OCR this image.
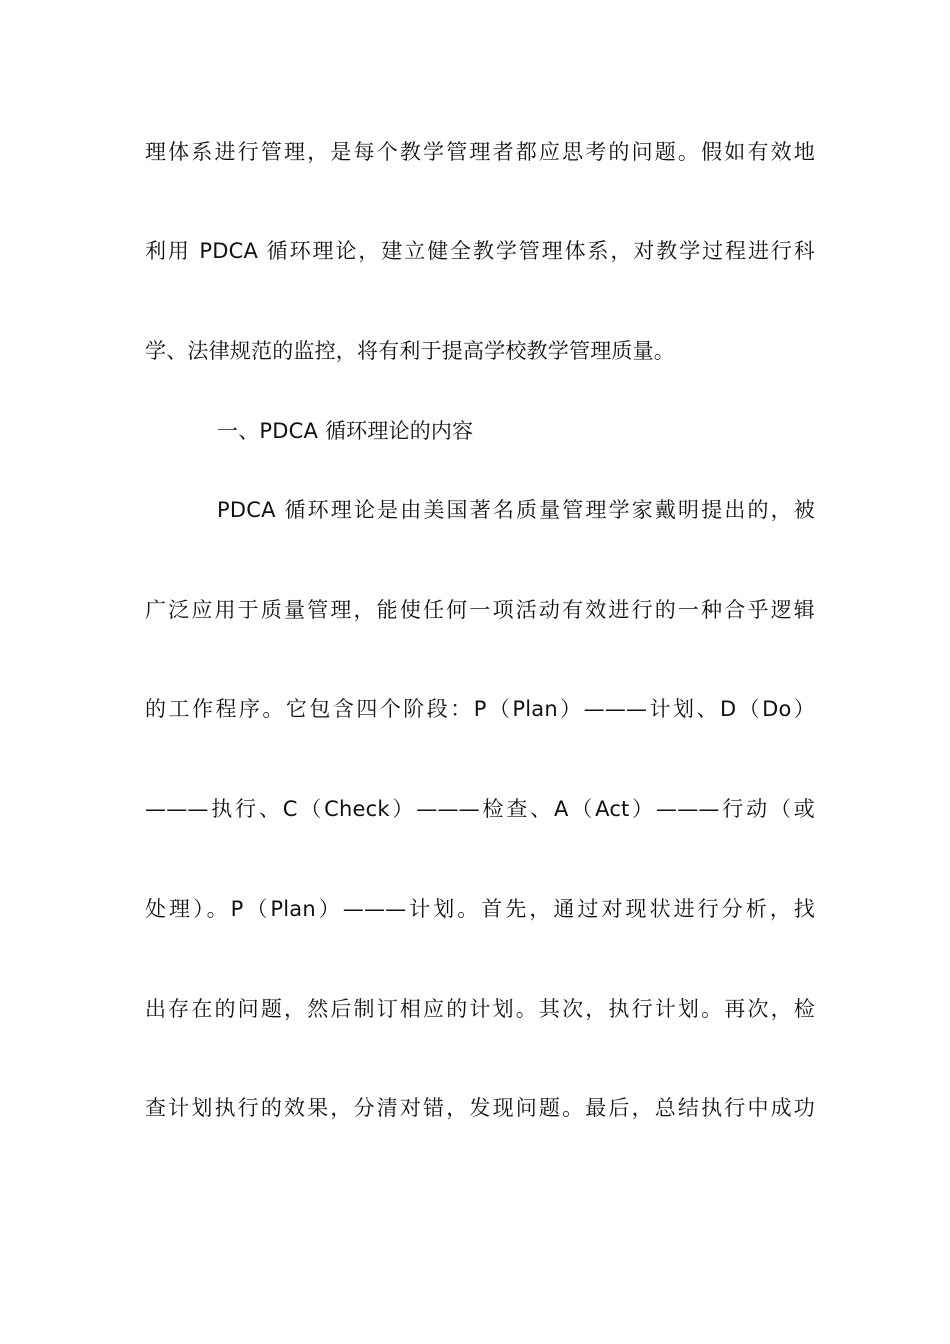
理体系进行管理，是每个教学管理者都应思考的问题。假如有效地
利用 PDCA 循环理论，建立健全教学管理体系，对教学过程进行科
学、法律规范的监控，将有利于提高学校教学管理质量。
一、PDCA 循环理论的内容
PDCA 循环理论是由美国著名质量管理学家戴明提出的，被
广泛应用于质量管理，能使任何一项活动有效进行的一种合乎逻辑
的工作程序。它包含四个阶段：P（Plan）———计划、D（Do）
———执行、C（Check）———检查、A（Act）———行动（或
处理）。P（Plan）———计划。首先，通过对现状进行分析，找
出存在的问题，然后制订相应的计划。其次，执行计划。再次，检
查计划执行的效果，分清对错，发现问题。最后，总结执行中成功
